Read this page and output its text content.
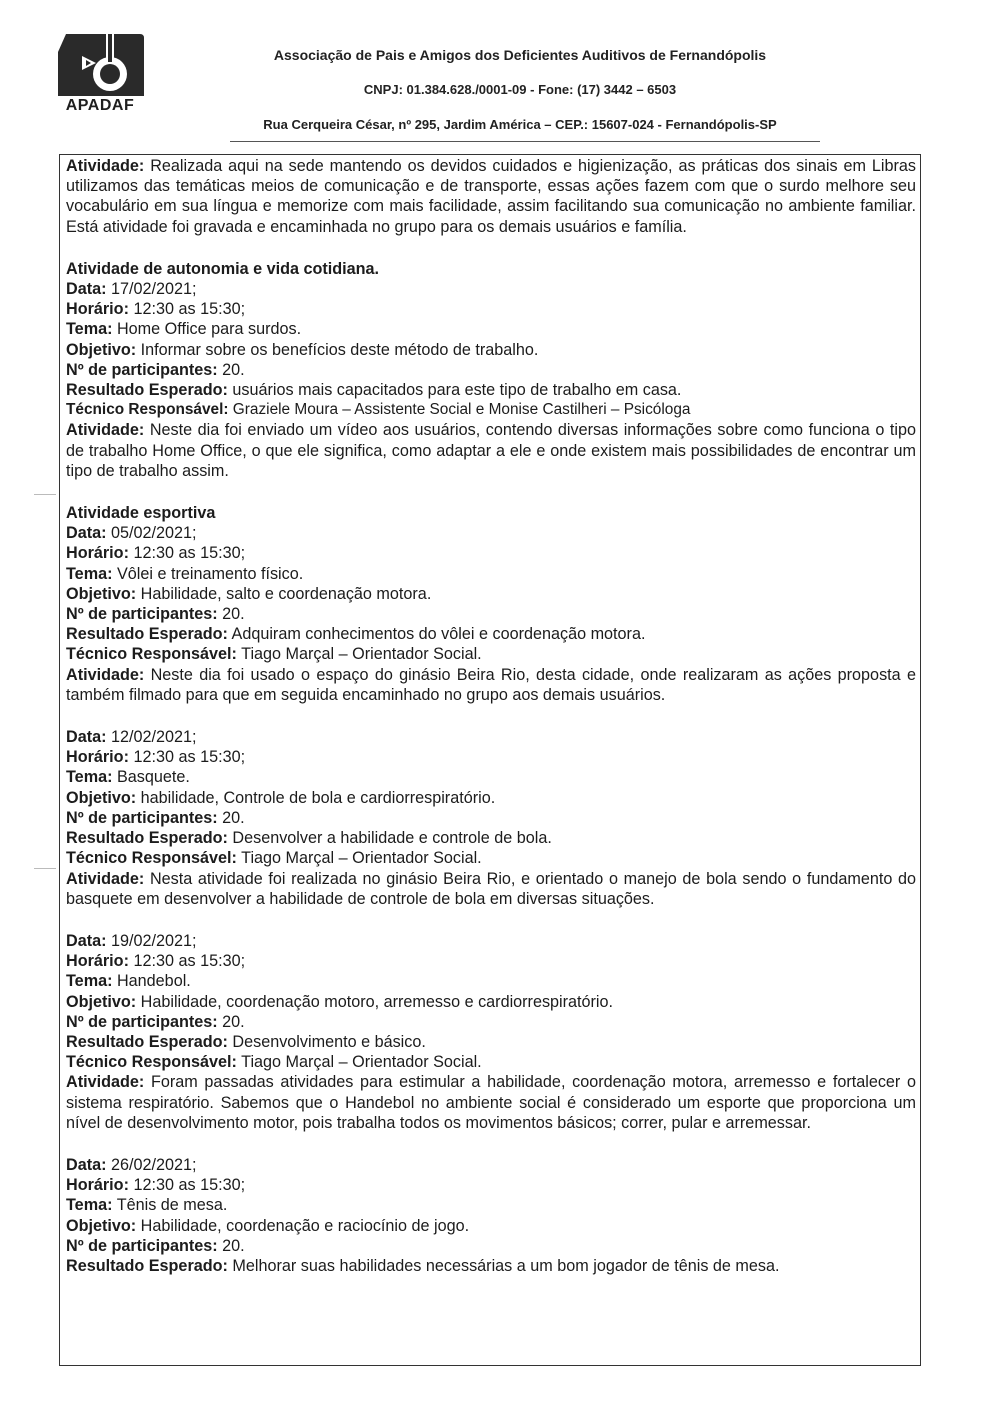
APADAF
Associação de Pais e Amigos dos Deficientes Auditivos de Fernandópolis
CNPJ: 01.384.628./0001-09 - Fone: (17) 3442 – 6503
Rua Cerqueira César, nº 295, Jardim América – CEP.: 15607-024 - Fernandópolis-SP
Atividade: Realizada aqui na sede mantendo os devidos cuidados e higienização, as práticas dos sinais em Libras utilizamos das temáticas meios de comunicação e de transporte, essas ações fazem com que o surdo melhore seu vocabulário em sua língua e memorize com mais facilidade, assim facilitando sua comunicação no ambiente familiar. Está atividade foi gravada e encaminhada no grupo para os demais usuários e família.
Atividade de autonomia e vida cotidiana.
Data: 17/02/2021;
Horário: 12:30 as 15:30;
Tema: Home Office para surdos.
Objetivo: Informar sobre os benefícios deste método de trabalho.
Nº de participantes: 20.
Resultado Esperado: usuários mais capacitados para este tipo de trabalho em casa.
Técnico Responsável: Graziele Moura – Assistente Social e Monise Castilheri – Psicóloga
Atividade: Neste dia foi enviado um vídeo aos usuários, contendo diversas informações sobre como funciona o tipo de trabalho Home Office, o que ele significa, como adaptar a ele e onde existem mais possibilidades de encontrar um tipo de trabalho assim.
Atividade esportiva
Data: 05/02/2021;
Horário: 12:30 as 15:30;
Tema: Vôlei e treinamento físico.
Objetivo: Habilidade, salto e coordenação motora.
Nº de participantes: 20.
Resultado Esperado: Adquiram conhecimentos do vôlei e coordenação motora.
Técnico Responsável: Tiago Marçal – Orientador Social.
Atividade: Neste dia foi usado o espaço do ginásio Beira Rio, desta cidade, onde realizaram as ações proposta e também filmado para que em seguida encaminhado no grupo aos demais usuários.
Data: 12/02/2021;
Horário: 12:30 as 15:30;
Tema: Basquete.
Objetivo: habilidade, Controle de bola e cardiorrespiratório.
Nº de participantes: 20.
Resultado Esperado: Desenvolver a habilidade e controle de bola.
Técnico Responsável: Tiago Marçal – Orientador Social.
Atividade: Nesta atividade foi realizada no ginásio Beira Rio, e orientado o manejo de bola sendo o fundamento do basquete em desenvolver a habilidade de controle de bola em diversas situações.
Data: 19/02/2021;
Horário: 12:30 as 15:30;
Tema: Handebol.
Objetivo: Habilidade, coordenação motoro, arremesso e cardiorrespiratório.
Nº de participantes: 20.
Resultado Esperado: Desenvolvimento e básico.
Técnico Responsável: Tiago Marçal – Orientador Social.
Atividade: Foram passadas atividades para estimular a habilidade, coordenação motora, arremesso e fortalecer o sistema respiratório. Sabemos que o Handebol no ambiente social é considerado um esporte que proporciona um nível de desenvolvimento motor, pois trabalha todos os movimentos básicos; correr, pular e arremessar.
Data: 26/02/2021;
Horário: 12:30 as 15:30;
Tema: Tênis de mesa.
Objetivo: Habilidade, coordenação e raciocínio de jogo.
Nº de participantes: 20.
Resultado Esperado: Melhorar suas habilidades necessárias a um bom jogador de tênis de mesa.
